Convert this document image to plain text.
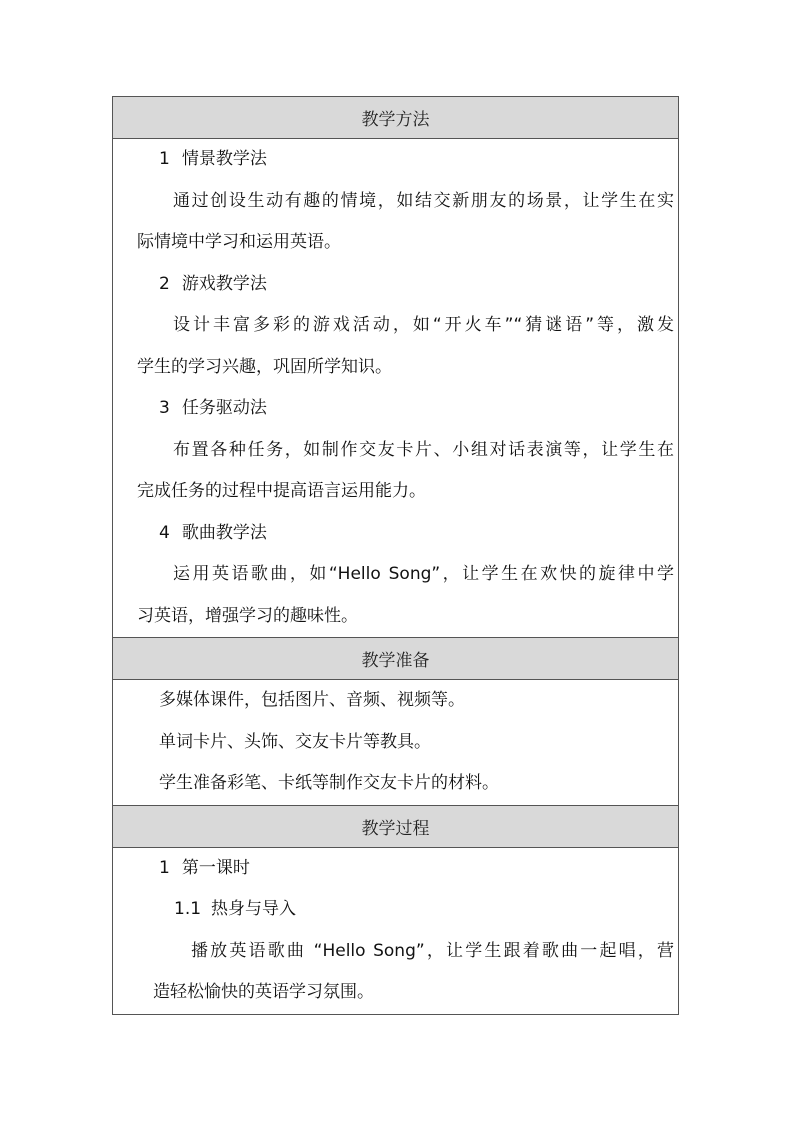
教学方法
1 情景教学法
通过创设生动有趣的情境，如结交新朋友的场景，让学生在实
际情境中学习和运用英语。
2 游戏教学法
设计丰富多彩的游戏活动，如“开火车”“猜谜语”等，激发
学生的学习兴趣，巩固所学知识。
3 任务驱动法
布置各种任务，如制作交友卡片、小组对话表演等，让学生在
完成任务的过程中提高语言运用能力。
4 歌曲教学法
运用英语歌曲，如“Hello Song”，让学生在欢快的旋律中学
习英语，增强学习的趣味性。
教学准备
多媒体课件，包括图片、音频、视频等。
单词卡片、头饰、交友卡片等教具。
学生准备彩笔、卡纸等制作交友卡片的材料。
教学过程
1 第一课时
1.1 热身与导入
播放英语歌曲 “Hello Song”，让学生跟着歌曲一起唱，营
造轻松愉快的英语学习氛围。
